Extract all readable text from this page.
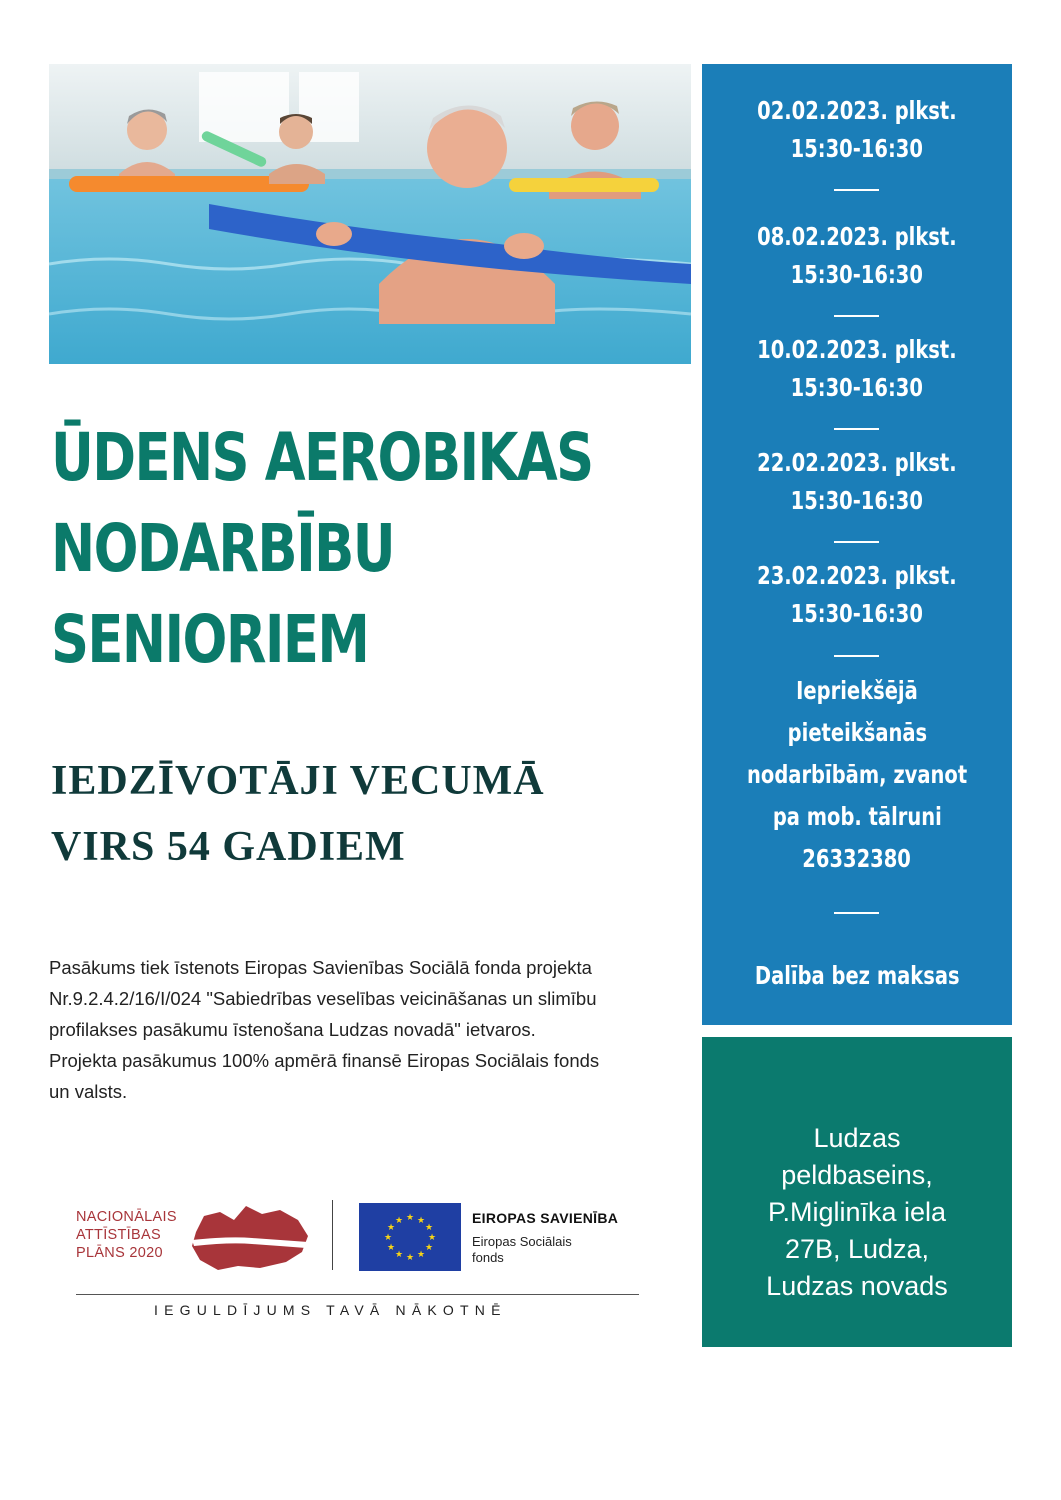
ŪDENS AEROBIKAS
NODARBĪBU
SENIORIEM
IEDZĪVOTĀJI VECUMĀ
VIRS 54 GADIEM
Pasākums tiek īstenots Eiropas Savienības Sociālā fonda projekta
Nr.9.2.4.2/16/I/024 "Sabiedrības veselības veicināšanas un slimību
profilakses pasākumu īstenošana Ludzas novadā" ietvaros.
Projekta pasākumus 100% apmērā finansē Eiropas Sociālais fonds
un valsts.
NACIONĀLAIS
ATTĪSTĪBAS
PLĀNS 2020
★ ★
★
★
★
★
★
★
★
★
★
★	EIROPAS SAVIENĪBA
Eiropas Sociālais
fonds
IEGULDĪJUMS TAVĀ NĀKOTNĒ
02.02.2023. plkst.
15:30-16:30
08.02.2023. plkst.
15:30-16:30
10.02.2023. plkst.
15:30-16:30
22.02.2023. plkst.
15:30-16:30
23.02.2023. plkst.
15:30-16:30
Iepriekšējā
pieteikšanās
nodarbībām, zvanot
pa mob. tālruni
26332380
Dalība bez maksas
Ludzas
peldbaseins,
P.Miglinīka iela
27B, Ludza,
Ludzas novads
